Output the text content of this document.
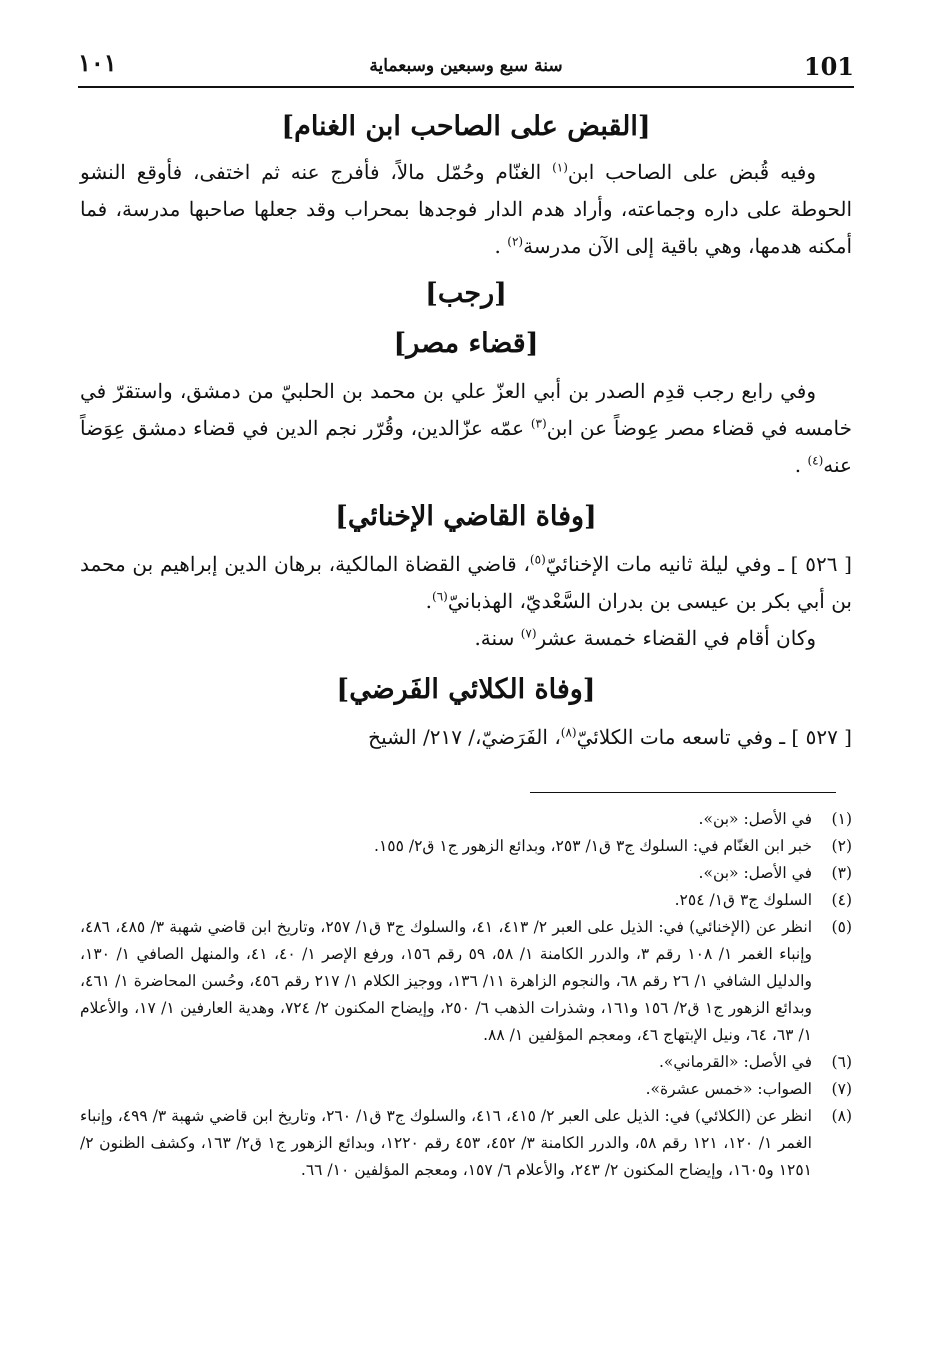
101
سنة سبع وسبعين وسبعماية
١٠١
[القبض على الصاحب ابن الغنام]

وفيه قُبض على الصاحب ابن$^{(١)}$ الغنّام وحُمّل مالاً، فأفرج عنه ثم اختفى، فأوقع النشو الحوطة على داره وجماعته، وأراد هدم الدار فوجدها بمحراب وقد جعلها صاحبها مدرسة، فما أمكنه هدمها، وهي باقية إلى الآن مدرسة$^{(٢)}$ .

[رجب]
[قضاء مصر]

وفي رابع رجب قدِم الصدر بن أبي العزّ علي بن محمد بن الحلبيّ من دمشق، واستقرّ في خامسه في قضاء مصر عِوضاً عن ابن$^{(٣)}$ عمّه عزّالدين، وقُرّر نجم الدين في قضاء دمشق عِوَضاً عنه$^{(٤)}$ .

[وفاة القاضي الإخنائي]

[ ٥٢٦ ] ـ وفي ليلة ثانيه مات الإخنائيّ$^{(٥)}$، قاضي القضاة المالكية، برهان الدين إبراهيم بن محمد بن أبي بكر بن عيسى بن بدران السَّعْديّ، الهذبانيّ$^{(٦)}$.

وكان أقام في القضاء خمسة عشر$^{(٧)}$ سنة.

[وفاة الكلائي الفَرضي]

[ ٥٢٧ ] ـ وفي تاسعه مات الكلائيّ$^{(٨)}$، الفَرَضيّ،/ ٢١٧/ الشيخ

(١)
في الأصل: «بن».
(٢)
خبر ابن الغنّام في: السلوك ج٣ ق١/ ٢٥٣، وبدائع الزهور ج١ ق٢/ ١٥٥.
(٣)
في الأصل: «بن».
(٤)
السلوك ج٣ ق١/ ٢٥٤.
(٥)
انظر عن (الإخنائي) في: الذيل على العبر ٢/ ٤١٣، ٤١، والسلوك ج٣ ق١/ ٢٥٧، وتاريخ ابن قاضي شهبة ٣/ ٤٨٥، ٤٨٦، وإنباء الغمر ١/ ١٠٨ رقم ٣، والدرر الكامنة ١/ ٥٨، ٥٩ رقم ١٥٦، ورفع الإصر ١/ ٤٠، ٤١، والمنهل الصافي ١/ ١٣٠، والدليل الشافي ١/ ٢٦ رقم ٦٨، والنجوم الزاهرة ١١/ ١٣٦، ووجيز الكلام ١/ ٢١٧ رقم ٤٥٦، وحُسن المحاضرة ١/ ٤٦١، وبدائع الزهور ج١ ق٢/ ١٥٦ و١٦١، وشذرات الذهب ٦/ ٢٥٠، وإيضاح المكنون ٢/ ٧٢٤، وهدية العارفين ١/ ١٧، والأعلام ١/ ٦٣، ٦٤، ونيل الإبتهاج ٤٦، ومعجم المؤلفين ١/ ٨٨.
(٦)
في الأصل: «القرماني».
(٧)
الصواب: «خمس عشرة».
(٨)
انظر عن (الكلائي) في: الذيل على العبر ٢/ ٤١٥، ٤١٦، والسلوك ج٣ ق١/ ٢٦٠، وتاريخ ابن قاضي شهبة ٣/ ٤٩٩، وإنباء الغمر ١/ ١٢٠، ١٢١ رقم ٥٨، والدرر الكامنة ٣/ ٤٥٢، ٤٥٣ رقم ١٢٢٠، وبدائع الزهور ج١ ق٢/ ١٦٣، وكشف الظنون ٢/ ١٢٥١ و١٦٠٥، وإيضاح المكنون ٢/ ٢٤٣، والأعلام ٦/ ١٥٧، ومعجم المؤلفين ١٠/ ٦٦.
